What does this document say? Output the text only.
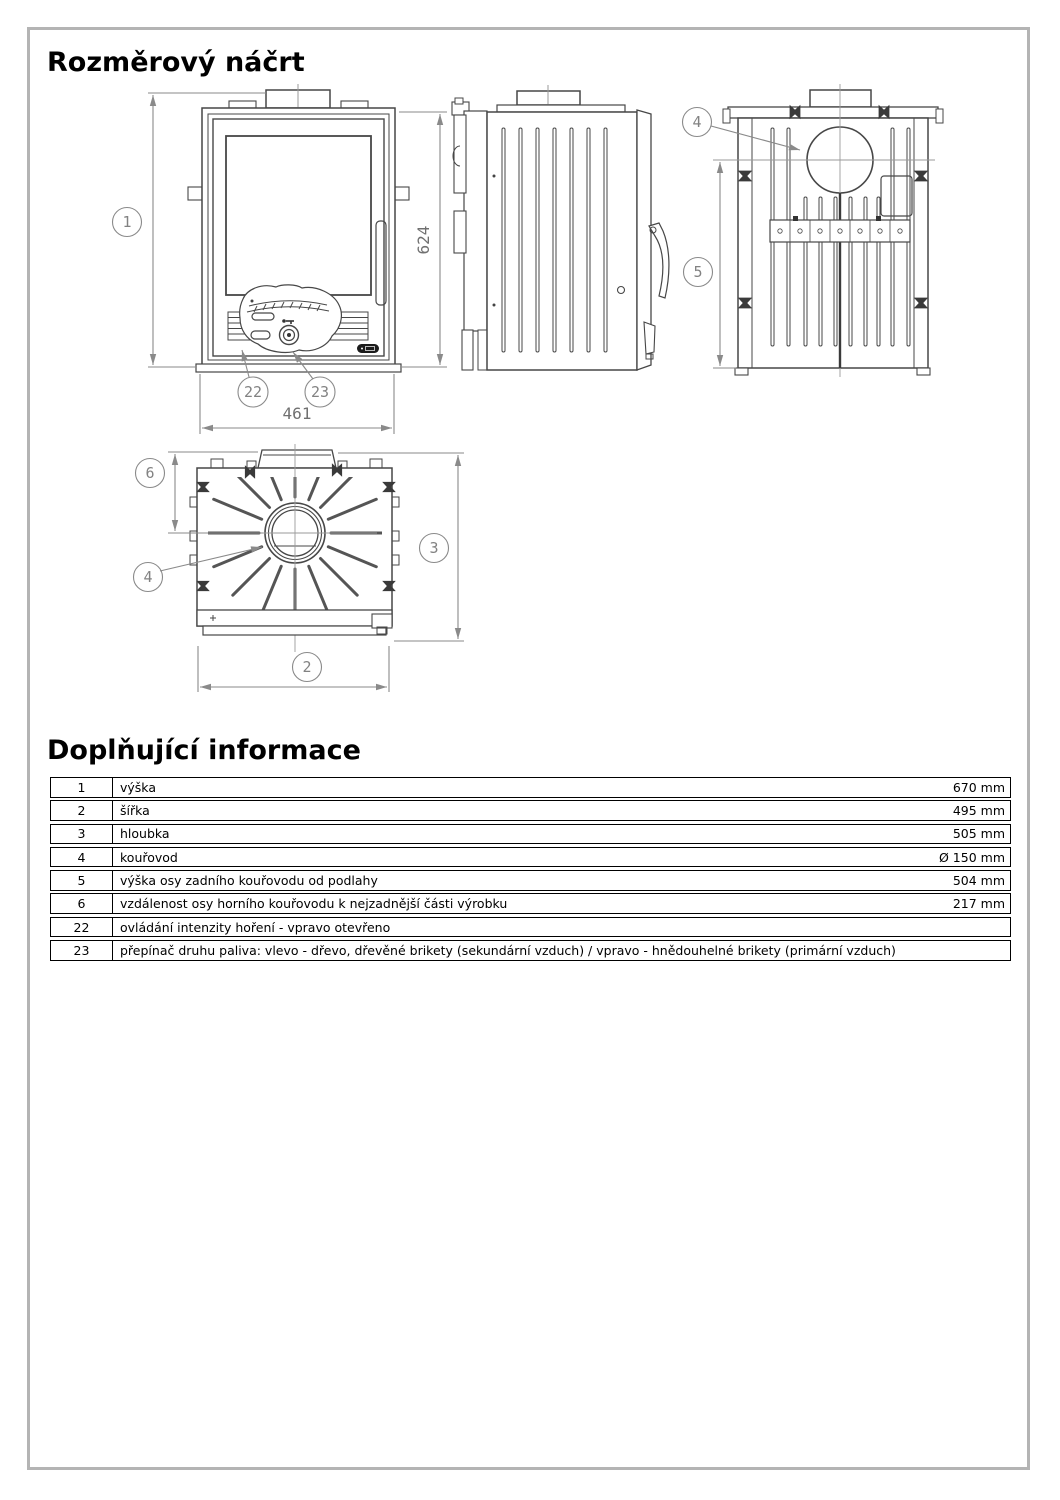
Rozměrový náčrt
1
624
461
22	23
4
5
6
4
3
2
Doplňující informace
1	výška	670 mm
2	šířka	495 mm
3	hloubka	505 mm
4	kouřovod	Ø 150 mm
5	výška osy zadního kouřovodu od podlahy	504 mm
6	vzdálenost osy horního kouřovodu k nejzadnější části výrobku	217 mm
22	ovládání intenzity hoření - vpravo otevřeno
23	přepínač druhu paliva: vlevo - dřevo, dřevěné brikety (sekundární vzduch) / vpravo - hnědouhelné brikety (primární vzduch)
